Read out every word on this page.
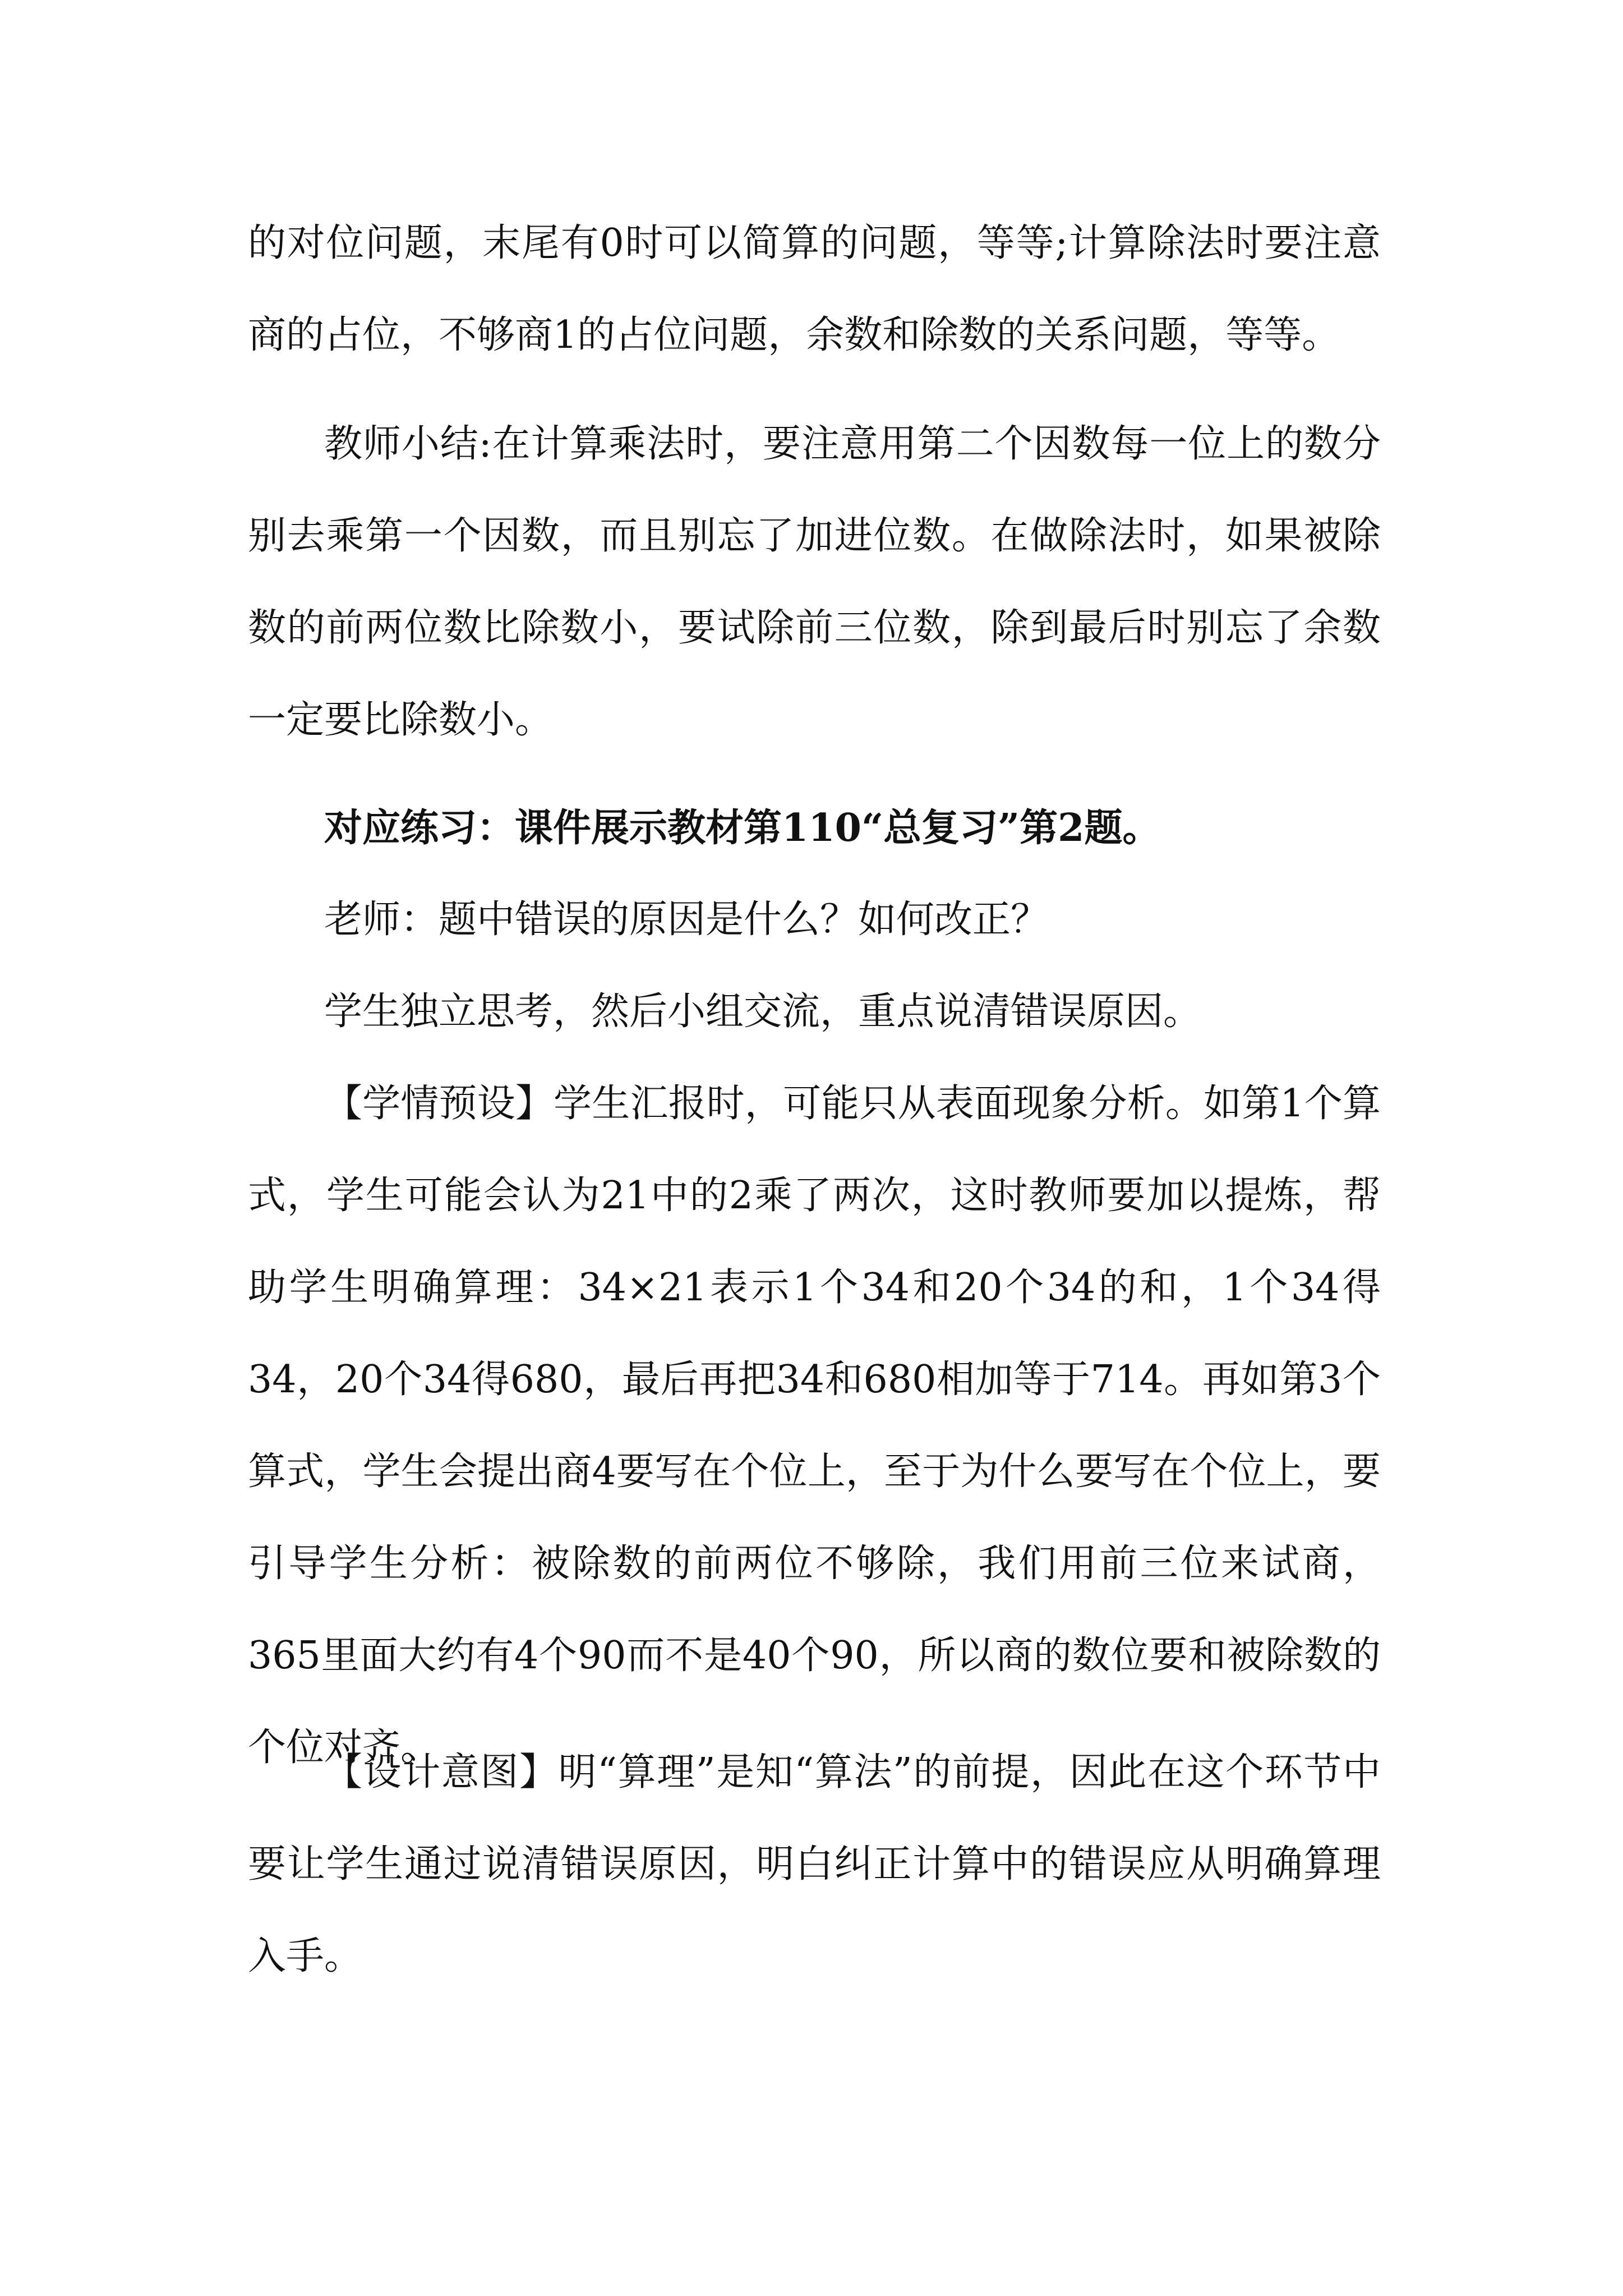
的对位问题，末尾有0时可以简算的问题，等等;计算除法时要注意商的占位，不够商1的占位问题，余数和除数的关系问题，等等。

教师小结:在计算乘法时，要注意用第二个因数每一位上的数分别去乘第一个因数，而且别忘了加进位数。在做除法时，如果被除数的前两位数比除数小，要试除前三位数，除到最后时别忘了余数一定要比除数小。

对应练习：课件展示教材第110“总复习”第2题。

老师：题中错误的原因是什么？如何改正？

学生独立思考，然后小组交流，重点说清错误原因。

【学情预设】学生汇报时，可能只从表面现象分析。如第1个算式，学生可能会认为21中的2乘了两次，这时教师要加以提炼，帮助学生明确算理：34×21表示1个34和20个34的和，1个34得34，20个34得680，最后再把34和680相加等于714。再如第3个算式，学生会提出商4要写在个位上，至于为什么要写在个位上，要引导学生分析：被除数的前两位不够除，我们用前三位来试商，365里面大约有4个90而不是40个90，所以商的数位要和被除数的个位对齐。

【设计意图】明“算理”是知“算法”的前提，因此在这个环节中要让学生通过说清错误原因，明白纠正计算中的错误应从明确算理入手。
